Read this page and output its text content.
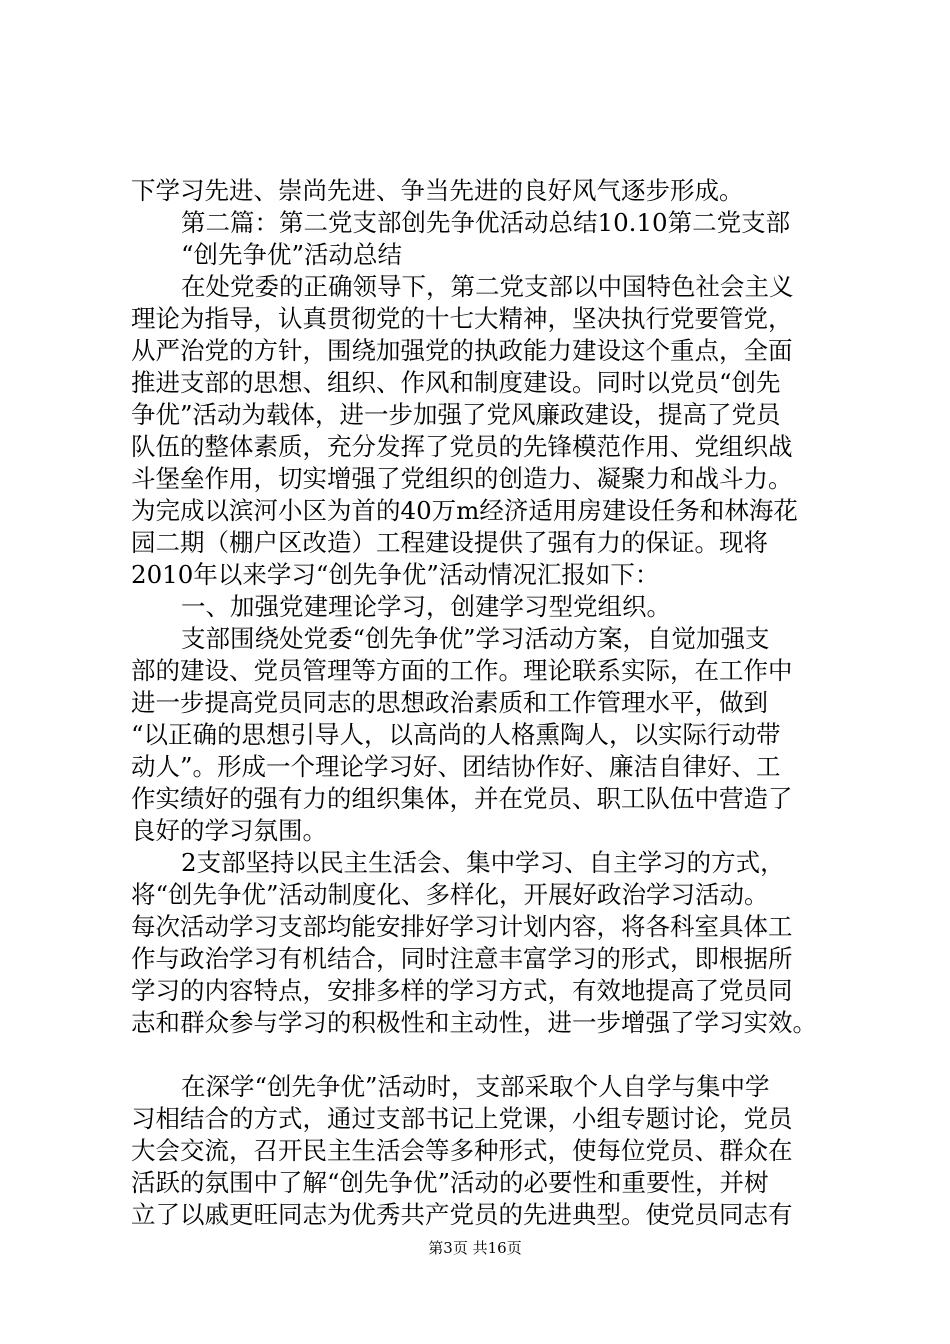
下学习先进、崇尚先进、争当先进的良好风气逐步形成。
第二篇：第二党支部创先争优活动总结10.10第二党支部
“创先争优”活动总结
在处党委的正确领导下，第二党支部以中国特色社会主义
理论为指导，认真贯彻党的十七大精神，坚决执行党要管党，
从严治党的方针，围绕加强党的执政能力建设这个重点，全面
推进支部的思想、组织、作风和制度建设。同时以党员“创先
争优”活动为载体，进一步加强了党风廉政建设，提高了党员
队伍的整体素质，充分发挥了党员的先锋模范作用、党组织战
斗堡垒作用，切实增强了党组织的创造力、凝聚力和战斗力。
为完成以滨河小区为首的40万m经济适用房建设任务和林海花
园二期（棚户区改造）工程建设提供了强有力的保证。现将
2010年以来学习“创先争优”活动情况汇报如下：
一、加强党建理论学习，创建学习型党组织。
支部围绕处党委“创先争优”学习活动方案，自觉加强支
部的建设、党员管理等方面的工作。理论联系实际，在工作中
进一步提高党员同志的思想政治素质和工作管理水平，做到
“以正确的思想引导人，以高尚的人格熏陶人，以实际行动带
动人”。形成一个理论学习好、团结协作好、廉洁自律好、工
作实绩好的强有力的组织集体，并在党员、职工队伍中营造了
良好的学习氛围。
2支部坚持以民主生活会、集中学习、自主学习的方式，
将“创先争优”活动制度化、多样化，开展好政治学习活动。
每次活动学习支部均能安排好学习计划内容，将各科室具体工
作与政治学习有机结合，同时注意丰富学习的形式，即根据所
学习的内容特点，安排多样的学习方式，有效地提高了党员同
志和群众参与学习的积极性和主动性，进一步增强了学习实效。
在深学“创先争优”活动时，支部采取个人自学与集中学
习相结合的方式，通过支部书记上党课，小组专题讨论，党员
大会交流，召开民主生活会等多种形式，使每位党员、群众在
活跃的氛围中了解“创先争优”活动的必要性和重要性，并树
立了以戚更旺同志为优秀共产党员的先进典型。使党员同志有
第3页 共16页
